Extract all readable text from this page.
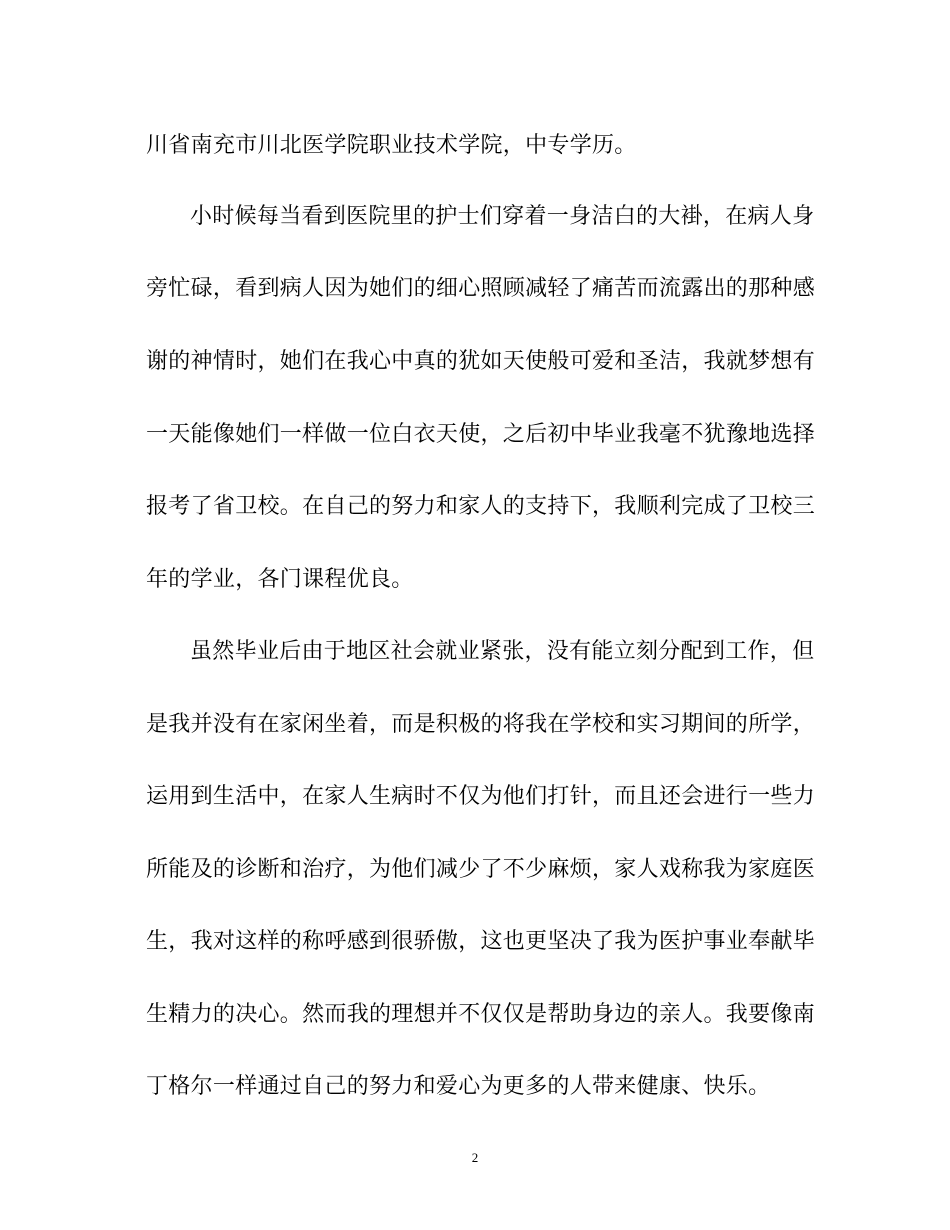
川省南充市川北医学院职业技术学院，中专学历。
小时候每当看到医院里的护士们穿着一身洁白的大褂，在病人身
旁忙碌，看到病人因为她们的细心照顾减轻了痛苦而流露出的那种感
谢的神情时，她们在我心中真的犹如天使般可爱和圣洁，我就梦想有
一天能像她们一样做一位白衣天使，之后初中毕业我毫不犹豫地选择
报考了省卫校。在自己的努力和家人的支持下，我顺利完成了卫校三
年的学业，各门课程优良。
虽然毕业后由于地区社会就业紧张，没有能立刻分配到工作，但
是我并没有在家闲坐着，而是积极的将我在学校和实习期间的所学，
运用到生活中，在家人生病时不仅为他们打针，而且还会进行一些力
所能及的诊断和治疗，为他们减少了不少麻烦，家人戏称我为家庭医
生，我对这样的称呼感到很骄傲，这也更坚决了我为医护事业奉献毕
生精力的决心。然而我的理想并不仅仅是帮助身边的亲人。我要像南
丁格尔一样通过自己的努力和爱心为更多的人带来健康、快乐。
2
